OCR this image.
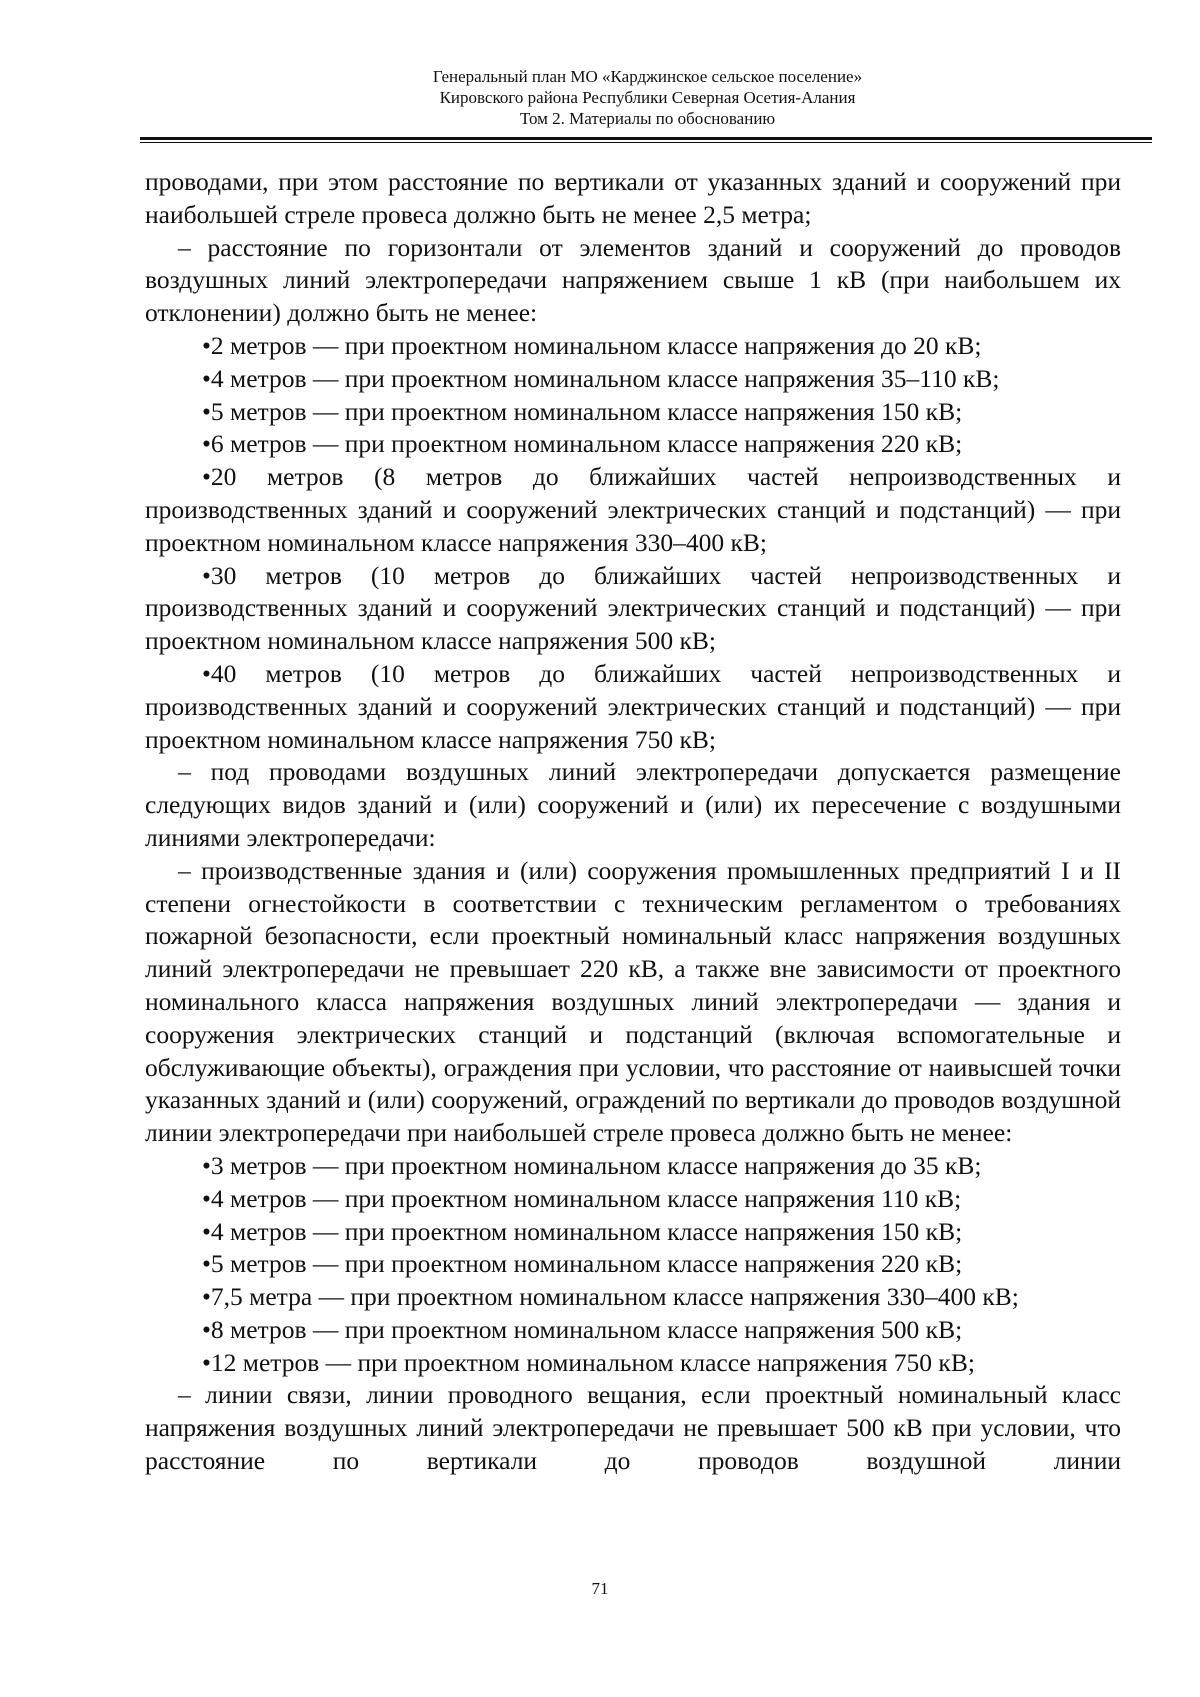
Генеральный план МО «Карджинское сельское поселение»
Кировского района Республики Северная Осетия-Алания
Том 2. Материалы по обоснованию

проводами, при этом расстояние по вертикали от указанных зданий и сооружений при наибольшей стреле провеса должно быть не менее 2,5 метра;

– расстояние по горизонтали от элементов зданий и сооружений до проводов воздушных линий электропередачи напряжением свыше 1 кВ (при наибольшем их отклонении) должно быть не менее:

•2 метров — при проектном номинальном классе напряжения до 20 кВ;

•4 метров — при проектном номинальном классе напряжения 35–110 кВ;

•5 метров — при проектном номинальном классе напряжения 150 кВ;

•6 метров — при проектном номинальном классе напряжения 220 кВ;

•20 метров (8 метров до ближайших частей непроизводственных и производственных зданий и сооружений электрических станций и подстанций) — при проектном номинальном классе напряжения 330–400 кВ;

•30 метров (10 метров до ближайших частей непроизводственных и производственных зданий и сооружений электрических станций и подстанций) — при проектном номинальном классе напряжения 500 кВ;

•40 метров (10 метров до ближайших частей непроизводственных и производственных зданий и сооружений электрических станций и подстанций) — при проектном номинальном классе напряжения 750 кВ;

– под проводами воздушных линий электропередачи допускается размещение следующих видов зданий и (или) сооружений и (или) их пересечение с воздушными линиями электропередачи:

– производственные здания и (или) сооружения промышленных предприятий I и II степени огнестойкости в соответствии с техническим регламентом о требованиях пожарной безопасности, если проектный номинальный класс напряжения воздушных линий электропередачи не превышает 220 кВ, а также вне зависимости от проектного номинального класса напряжения воздушных линий электропередачи — здания и сооружения электрических станций и подстанций (включая вспомогательные и обслуживающие объекты), ограждения при условии, что расстояние от наивысшей точки указанных зданий и (или) сооружений, ограждений по вертикали до проводов воздушной линии электропередачи при наибольшей стреле провеса должно быть не менее:

•3 метров — при проектном номинальном классе напряжения до 35 кВ;

•4 метров — при проектном номинальном классе напряжения 110 кВ;

•4 метров — при проектном номинальном классе напряжения 150 кВ;

•5 метров — при проектном номинальном классе напряжения 220 кВ;

•7,5 метра — при проектном номинальном классе напряжения 330–400 кВ;

•8 метров — при проектном номинальном классе напряжения 500 кВ;

•12 метров — при проектном номинальном классе напряжения 750 кВ;

– линии связи, линии проводного вещания, если проектный номинальный класс напряжения воздушных линий электропередачи не превышает 500 кВ при условии, что расстояние по вертикали до проводов воздушной линии

71
